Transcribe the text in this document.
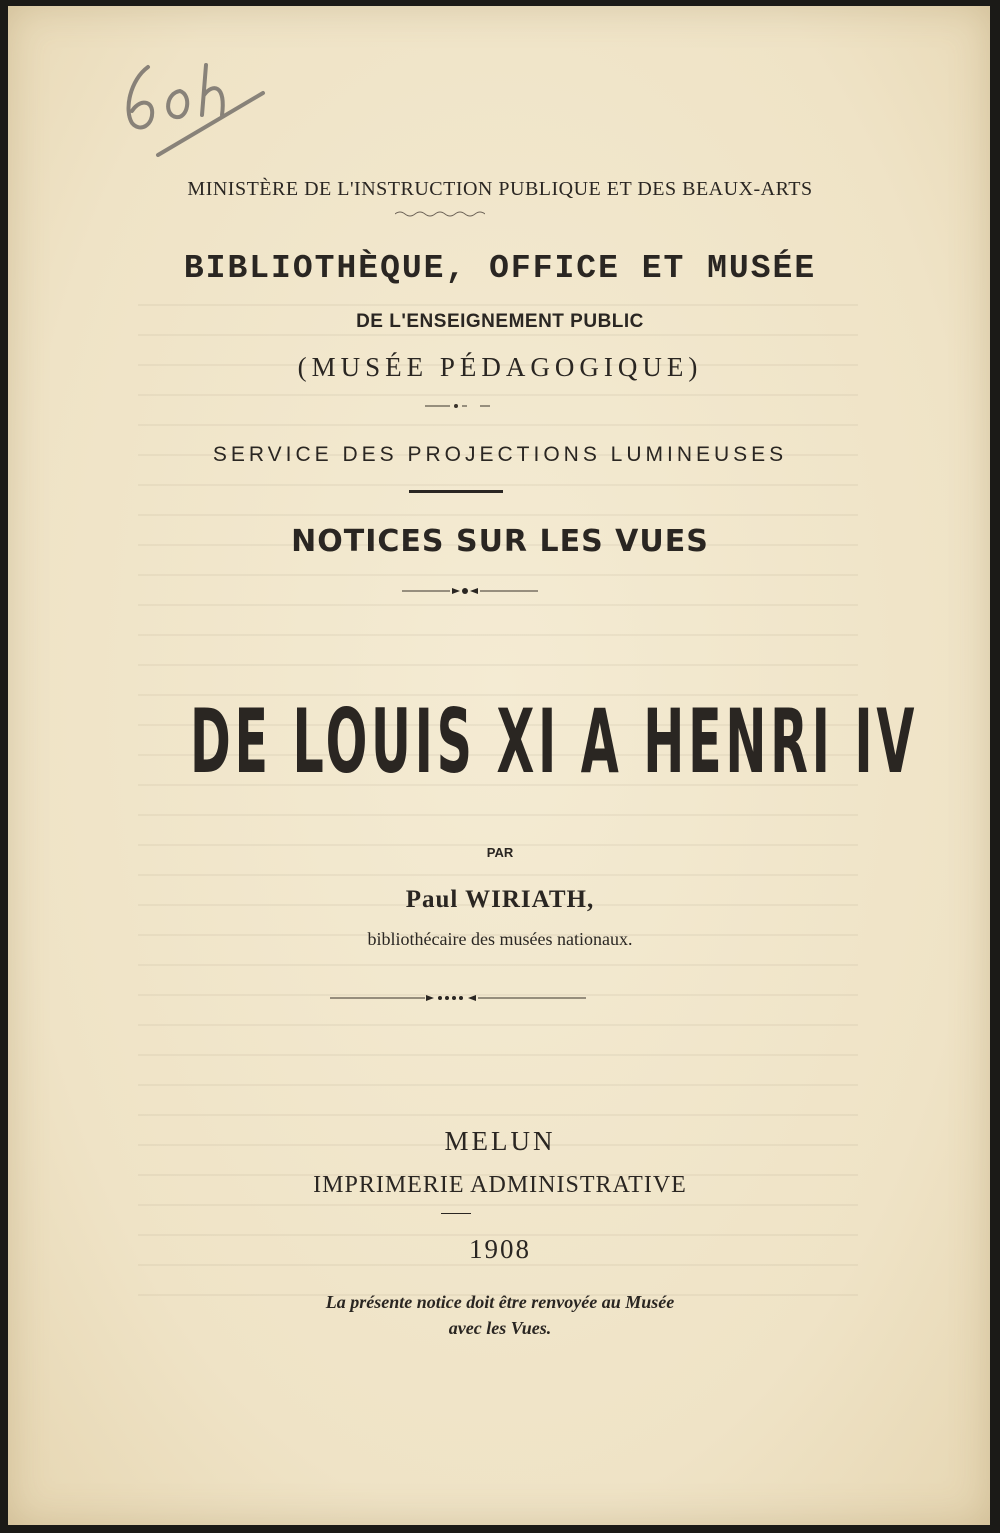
MINISTÈRE DE L'INSTRUCTION PUBLIQUE ET DES BEAUX-ARTS
BIBLIOTHÈQUE, OFFICE ET MUSÉE
DE L'ENSEIGNEMENT PUBLIC
(MUSÉE PÉDAGOGIQUE)
SERVICE DES PROJECTIONS LUMINEUSES
NOTICES SUR LES VUES
DE LOUIS XI A HENRI IV
PAR
Paul WIRIATH,
bibliothécaire des musées nationaux.
MELUN
IMPRIMERIE ADMINISTRATIVE
1908
La présente notice doit être renvoyée au Musée
avec les Vues.
